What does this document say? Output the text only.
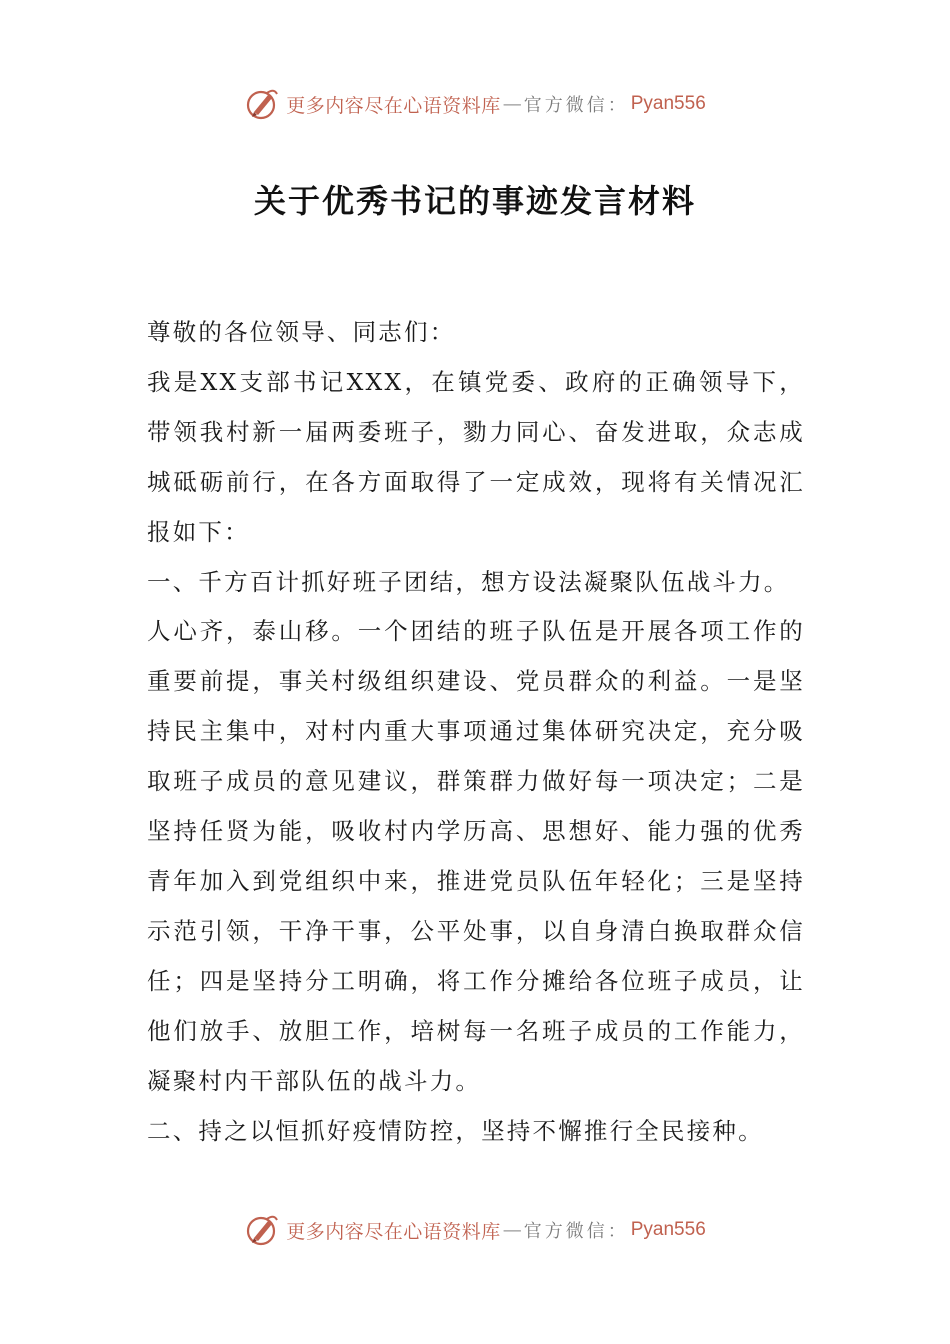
更多内容尽在心语资料库 — 官方微信： Pyan556
关于优秀书记的事迹发言材料

尊敬的各位领导、同志们：

我是XX支部书记XXX，在镇党委、政府的正确领导下，带领我村新一届两委班子，勠力同心、奋发进取，众志成城砥砺前行，在各方面取得了一定成效，现将有关情况汇报如下：

一、千方百计抓好班子团结，想方设法凝聚队伍战斗力。

人心齐，泰山移。一个团结的班子队伍是开展各项工作的重要前提，事关村级组织建设、党员群众的利益。一是坚持民主集中，对村内重大事项通过集体研究决定，充分吸取班子成员的意见建议，群策群力做好每一项决定；二是坚持任贤为能，吸收村内学历高、思想好、能力强的优秀青年加入到党组织中来，推进党员队伍年轻化；三是坚持示范引领，干净干事，公平处事，以自身清白换取群众信任；四是坚持分工明确，将工作分摊给各位班子成员，让他们放手、放胆工作，培树每一名班子成员的工作能力，凝聚村内干部队伍的战斗力。

二、持之以恒抓好疫情防控，坚持不懈推行全民接种。

更多内容尽在心语资料库 — 官方微信： Pyan556
